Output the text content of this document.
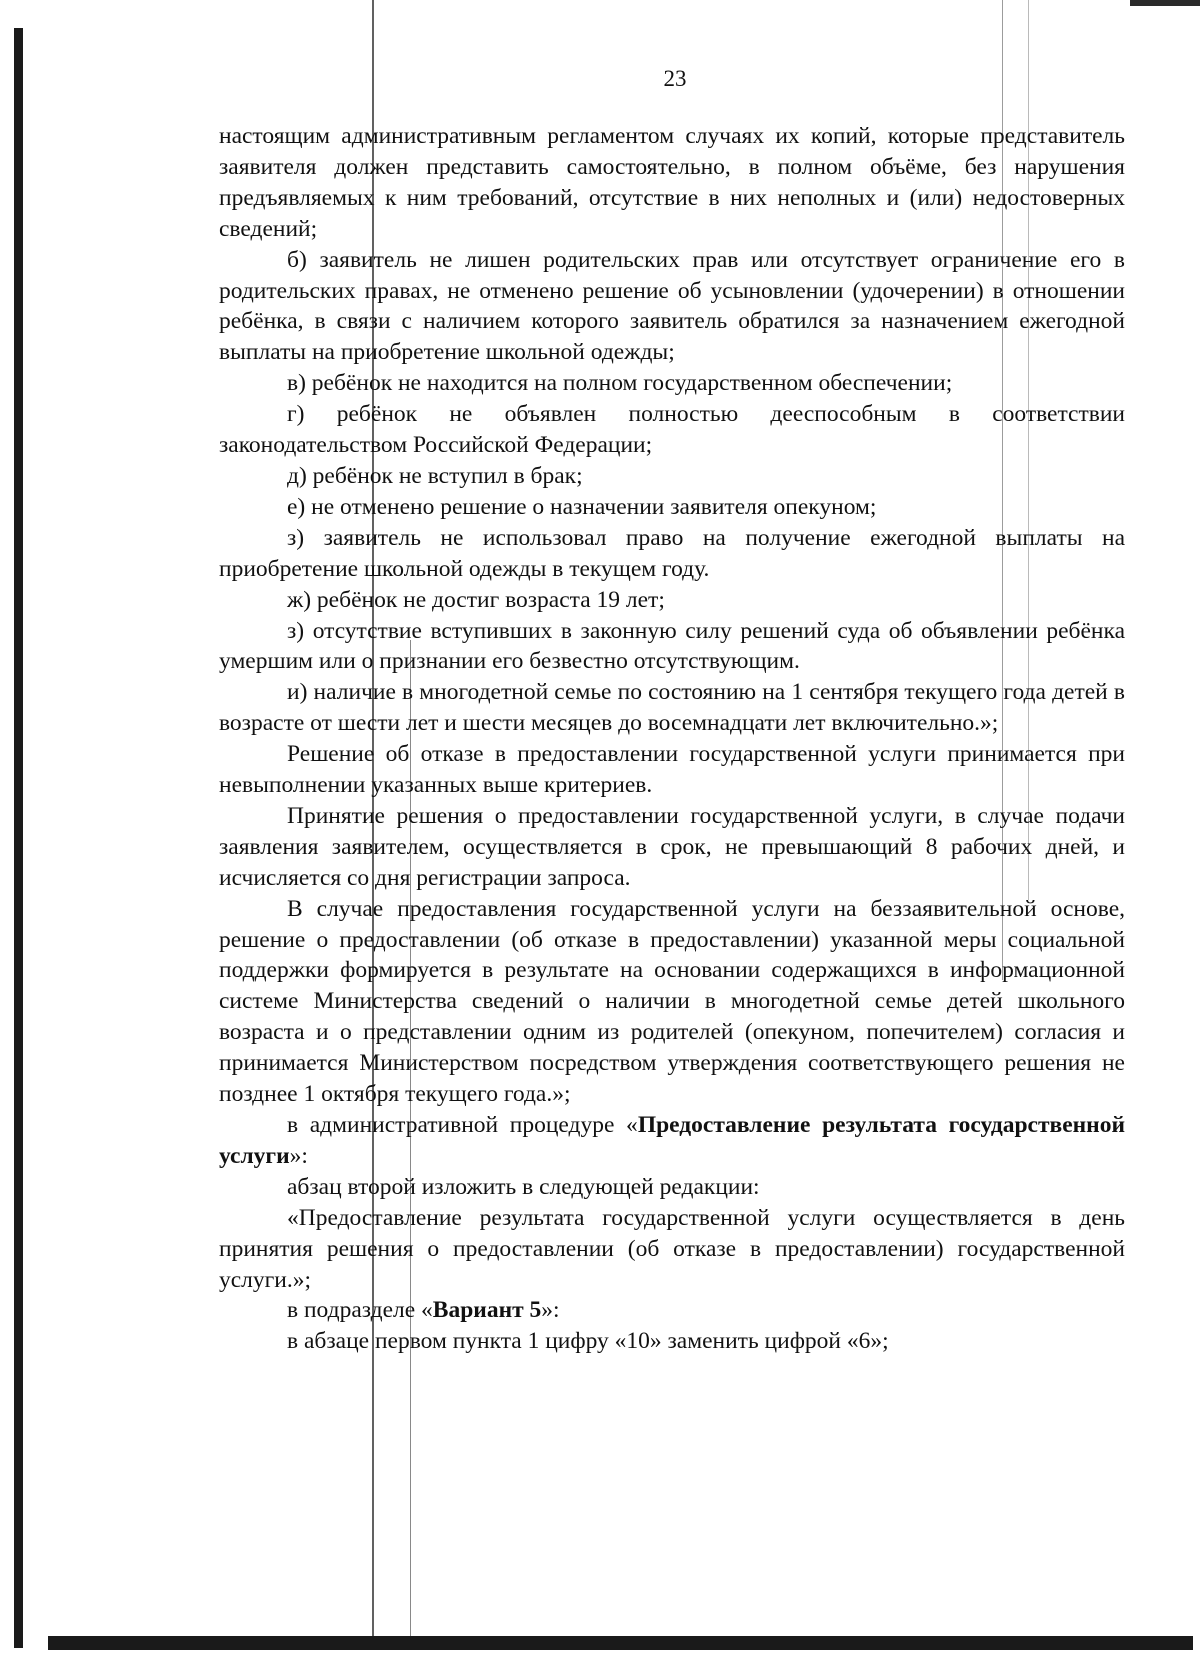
23

настоящим административным регламентом случаях их копий, которые представитель заявителя должен представить самостоятельно, в полном объёме, без нарушения предъявляемых к ним требований, отсутствие в них неполных и (или) недостоверных сведений;

б) заявитель не лишен родительских прав или отсутствует ограничение его в родительских правах, не отменено решение об усыновлении (удочерении) в отношении ребёнка, в связи с наличием которого заявитель обратился за назначением ежегодной выплаты на приобретение школьной одежды;

в) ребёнок не находится на полном государственном обеспечении;

г) ребёнок не объявлен полностью дееспособным в соответствии законодательством Российской Федерации;

д) ребёнок не вступил в брак;

е) не отменено решение о назначении заявителя опекуном;

з) заявитель не использовал право на получение ежегодной выплаты на приобретение школьной одежды в текущем году.

ж) ребёнок не достиг возраста 19 лет;

з) отсутствие вступивших в законную силу решений суда об объявлении ребёнка умершим или о признании его безвестно отсутствующим.

и) наличие в многодетной семье по состоянию на 1 сентября текущего года детей в возрасте от шести лет и шести месяцев до восемнадцати лет включительно.»;

Решение об отказе в предоставлении государственной услуги принимается при невыполнении указанных выше критериев.

Принятие решения о предоставлении государственной услуги, в случае подачи заявления заявителем, осуществляется в срок, не превышающий 8 рабочих дней, и исчисляется со дня регистрации запроса.

В случае предоставления государственной услуги на беззаявительной основе, решение о предоставлении (об отказе в предоставлении) указанной меры социальной поддержки формируется в результате на основании содержащихся в информационной системе Министерства сведений о наличии в многодетной семье детей школьного возраста и о представлении одним из родителей (опекуном, попечителем) согласия и принимается Министерством посредством утверждения соответствующего решения не позднее 1 октября текущего года.»;

в административной процедуре «Предоставление результата государственной услуги»:

абзац второй изложить в следующей редакции:

«Предоставление результата государственной услуги осуществляется в день принятия решения о предоставлении (об отказе в предоставлении) государственной услуги.»;

в подразделе «Вариант 5»:

в абзаце первом пункта 1 цифру «10» заменить цифрой «6»;
